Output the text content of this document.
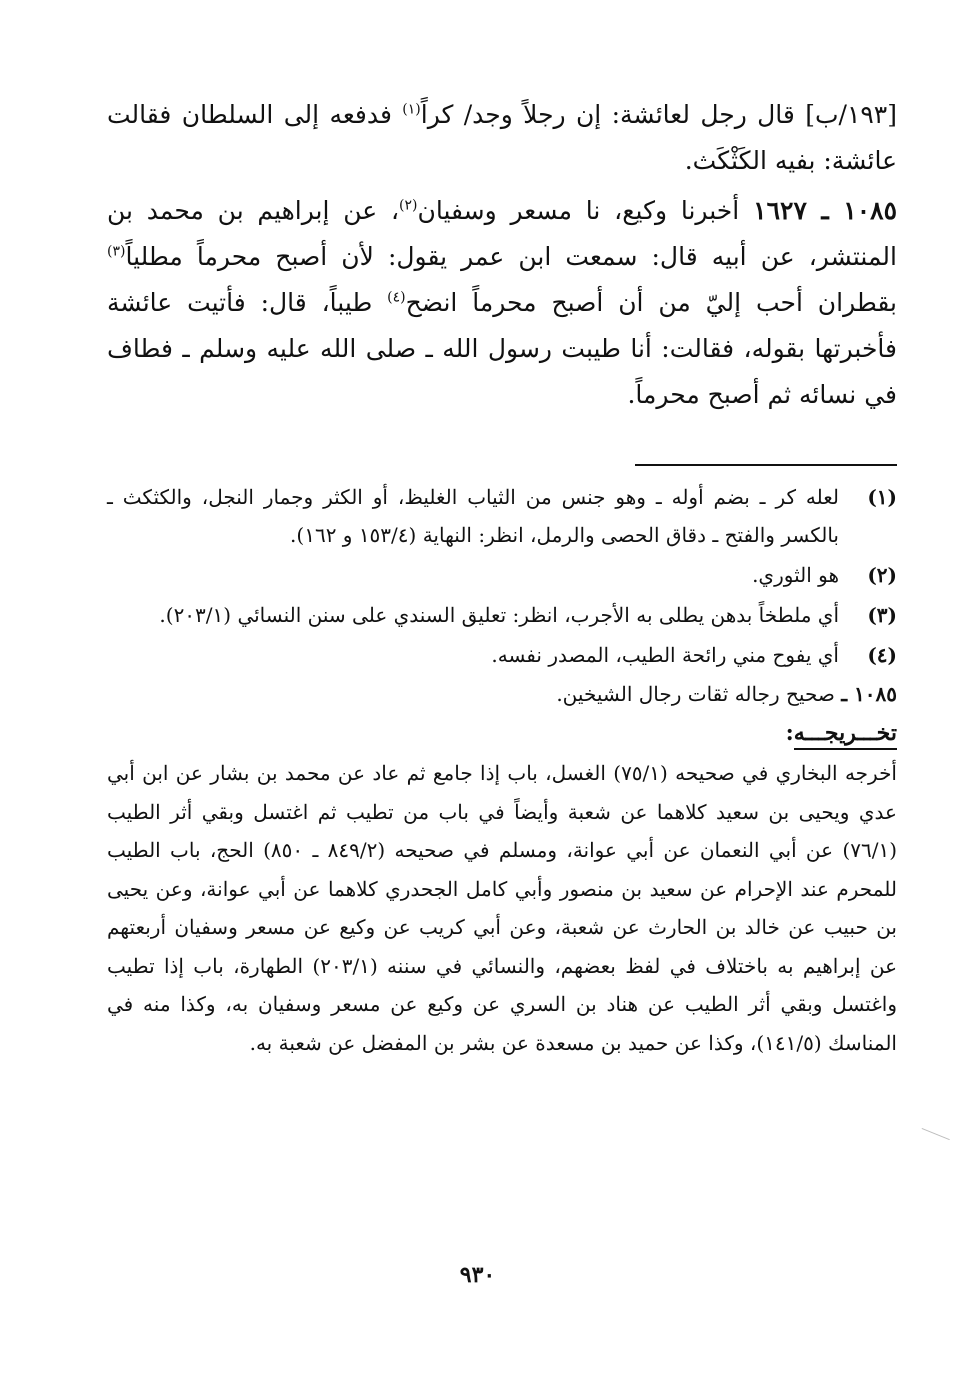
[١٩٣/ب] قال رجل لعائشة: إن رجلاً وجد/ كراً$^{(١)}$ فدفعه إلى السلطان فقالت عائشة: بفيه الكَثْكَث.

١٠٨٥ ـ ١٦٢٧أخبرنا وكيع، نا مسعر وسفيان$^{(٢)}$، عن إبراهيم بن محمد بن المنتشر، عن أبيه قال: سمعت ابن عمر يقول: لأن أصبح محرماً مطلياً$^{(٣)}$ بقطران أحب إليّ من أن أصبح محرماً انضح$^{(٤)}$ طيباً، قال: فأتيت عائشة فأخبرتها بقوله، فقالت: أنا طيبت رسول الله ـ صلى الله عليه وسلم ـ فطاف في نسائه ثم أصبح محرماً.

(١)
لعله كر ـ بضم أوله ـ وهو جنس من الثياب الغليظ، أو الكثر وجمار النجل، والكثكث ـ بالكسر والفتح ـ دقاق الحصى والرمل، انظر: النهاية (١٥٣/٤ و ١٦٢).
(٢)
هو الثوري.
(٣)
أي ملطخاً بدهن يطلى به الأجرب، انظر: تعليق السندي على سنن النسائي (٢٠٣/١).
(٤)
أي يفوح مني رائحة الطيب، المصدر نفسه.

١٠٨٥ ـ صحيح رجاله ثقات رجال الشيخين.

تخـــريجـــه:

أخرجه البخاري في صحيحه (٧٥/١) الغسل، باب إذا جامع ثم عاد عن محمد بن بشار عن ابن أبي عدي ويحيى بن سعيد كلاهما عن شعبة وأيضاً في باب من تطيب ثم اغتسل وبقي أثر الطيب (٧٦/١) عن أبي النعمان عن أبي عوانة، ومسلم في صحيحه (٨٤٩/٢ ـ ٨٥٠) الحج، باب الطيب للمحرم عند الإحرام عن سعيد بن منصور وأبي كامل الجحدري كلاهما عن أبي عوانة، وعن يحيى بن حبيب عن خالد بن الحارث عن شعبة، وعن أبي كريب عن وكيع عن مسعر وسفيان أربعتهم عن إبراهيم به باختلاف في لفظ بعضهم، والنسائي في سننه (٢٠٣/١) الطهارة، باب إذا تطيب واغتسل وبقي أثر الطيب عن هناد بن السري عن وكيع عن مسعر وسفيان به، وكذا منه في المناسك (١٤١/٥)، وكذا عن حميد بن مسعدة عن بشر بن المفضل عن شعبة به.

٩٣٠
